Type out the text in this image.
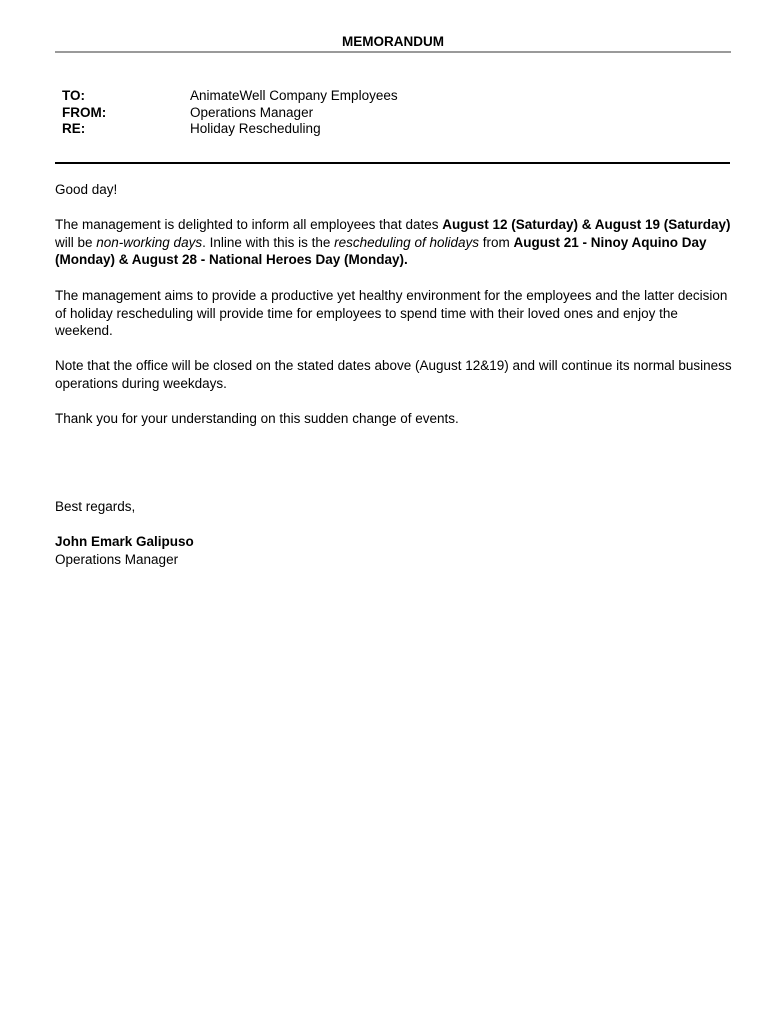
MEMORANDUM
TO:	AnimateWell Company Employees
FROM:	Operations Manager
RE:	Holiday Rescheduling

Good day!

The management is delighted to inform all employees that dates August 12 (Saturday) & August 19 (Saturday) will be non-working days. Inline with this is the rescheduling of holidays from August 21 - Ninoy Aquino Day (Monday) & August 28 - National Heroes Day (Monday).

The management aims to provide a productive yet healthy environment for the employees and the latter decision of holiday rescheduling will provide time for employees to spend time with their loved ones and enjoy the weekend.

Note that the office will be closed on the stated dates above (August 12&19) and will continue its normal business operations during weekdays.

Thank you for your understanding on this sudden change of events.

Best regards,

John Emark Galipuso

Operations Manager
